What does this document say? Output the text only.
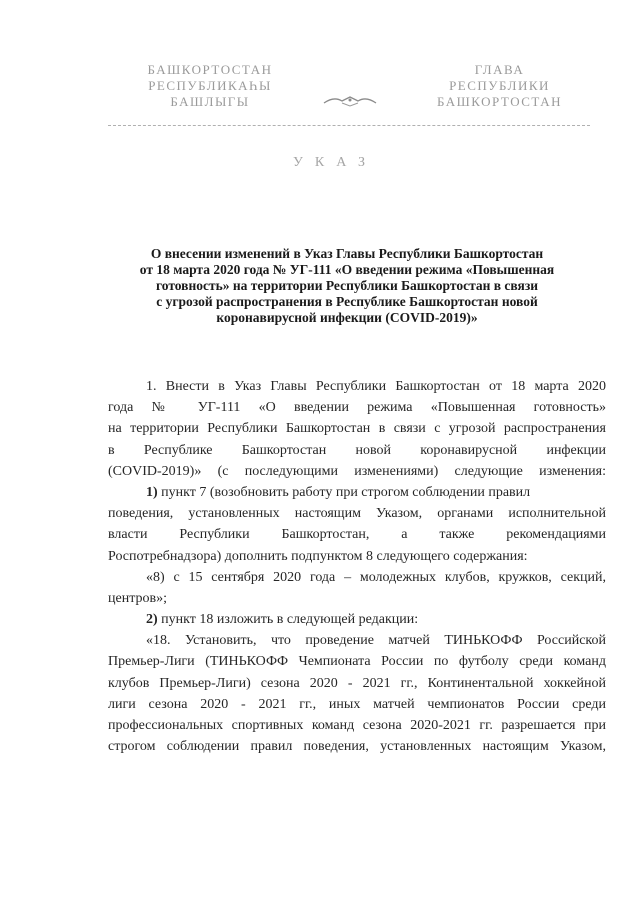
БАШКОРТОСТАН
РЕСПУБЛИКАҺЫ
БАШЛЫГЫ
ГЛАВА
РЕСПУБЛИКИ
БАШКОРТОСТАН
УКАЗ
О внесении изменений в Указ Главы Республики Башкортостан
от 18 марта 2020 года № УГ-111 «О введении режима «Повышенная
готовность» на территории Республики Башкортостан в связи
с угрозой распространения в Республике Башкортостан новой
коронавирусной инфекции (COVID-2019)»
1. Внести в Указ Главы Республики Башкортостан от 18 марта 2020
года № УГ-111 «О введении режима «Повышенная готовность»
на территории Республики Башкортостан в связи с угрозой распространения
в Республике Башкортостан новой коронавирусной инфекции
(COVID-2019)» (с последующими изменениями) следующие изменения:
1) пункт 7 (возобновить работу при строгом соблюдении правил
поведения, установленных настоящим Указом, органами исполнительной
власти Республики Башкортостан, а также рекомендациями
Роспотребнадзора) дополнить подпунктом 8 следующего содержания:
«8) с 15 сентября 2020 года – молодежных клубов, кружков, секций,
центров»;
2) пункт 18 изложить в следующей редакции:
«18. Установить, что проведение матчей ТИНЬКОФФ Российской
Премьер-Лиги (ТИНЬКОФФ Чемпионата России по футболу среди команд
клубов Премьер-Лиги) сезона 2020 - 2021 гг., Континентальной хоккейной
лиги сезона 2020 - 2021 гг., иных матчей чемпионатов России среди
профессиональных спортивных команд сезона 2020-2021 гг. разрешается при
строгом соблюдении правил поведения, установленных настоящим Указом,
